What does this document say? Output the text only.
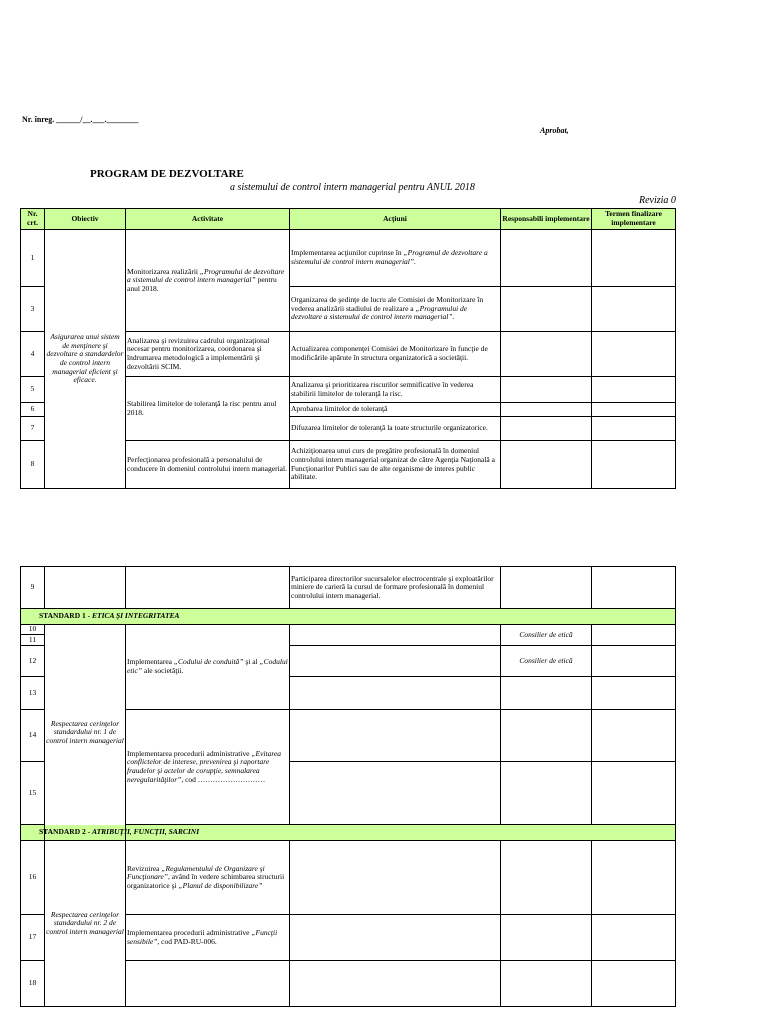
Nr. înreg. ______/__.___.________
Aprobat,
PROGRAM DE DEZVOLTARE
a sistemului de control intern managerial pentru ANUL 2018
Revizia 0
Nr. crt.	Obiectiv	Activitate	Acţiuni	Responsabili implementare	Termen finalizare implementare
1	Asigurarea unui sistem de menţinere şi dezvoltare a standardelor de control intern managerial eficient şi eficace.	Monitorizarea realizării „Programului de dezvoltare a sistemului de control intern managerial” pentru anul 2018.	Implementarea acţiunilor cuprinse în „Programul de dezvoltare a sistemului de control intern managerial”.		
3			Organizarea de şedinţe de lucru ale Comisiei de Monitorizare în vederea analizării stadiului de realizare a „Programului de dezvoltare a sistemului de control intern managerial”.		
4		Analizarea şi revizuirea cadrului organizaţional necesar pentru monitorizarea, coordonarea şi îndrumarea metodologică a implementării şi dezvoltării SCIM.	Actualizarea componenţei Comisiei de Monitorizare în funcţie de modificările apărute în structura organizatorică a societăţii.		
5		Stabilirea limitelor de toleranţă la risc pentru anul 2018.	Analizarea şi prioritizarea riscurilor semnificative în vederea stabilirii limitelor de toleranţă la risc.		
6			Aprobarea limitelor de toleranţă		
7			Difuzarea limitelor de toleranţă la toate structurile organizatorice.		
8		Perfecţionarea profesională a personalului de conducere în domeniul controlului intern managerial.	Achiziţionarea unui curs de pregătire profesională în domeniul controlului intern managerial organizat de către Agenţia Naţională a Funcţionarilor Publici sau de alte organisme de interes public abilitate.		
9			Participarea directorilor sucursalelor electrocentrale şi exploatărilor miniere de carieră la cursul de formare profesională în domeniul controlului intern managerial.		
STANDARD 1 - ETICA ŞI INTEGRITATEA					
10	Respectarea cerinţelor standardului nr. 1 de control intern managerial	Implementarea „Codului de conduită” şi al „Codului etic” ale societăţii.		Consilier de etică	
11					
12				Consilier de etică	
13					
14		Implementarea procedurii administrative „Evitarea conflictelor de interese, prevenirea şi raportare fraudelor şi actelor de corupţie, semnalarea neregularităţilor”, cod ………………………			
15					
STANDARD 2 - ATRIBUŢII, FUNCŢII, SARCINI					
16	Respectarea cerinţelor standardului nr. 2 de control intern managerial	Revizuirea „Regulamentului de Organizare şi Funcţionare”, având în vedere schimbarea structurii organizatorice şi „Planul de disponibilizare”			
17		Implementarea procedurii administrative „Funcţii sensibile”, cod PAD-RU-006.			
18					
